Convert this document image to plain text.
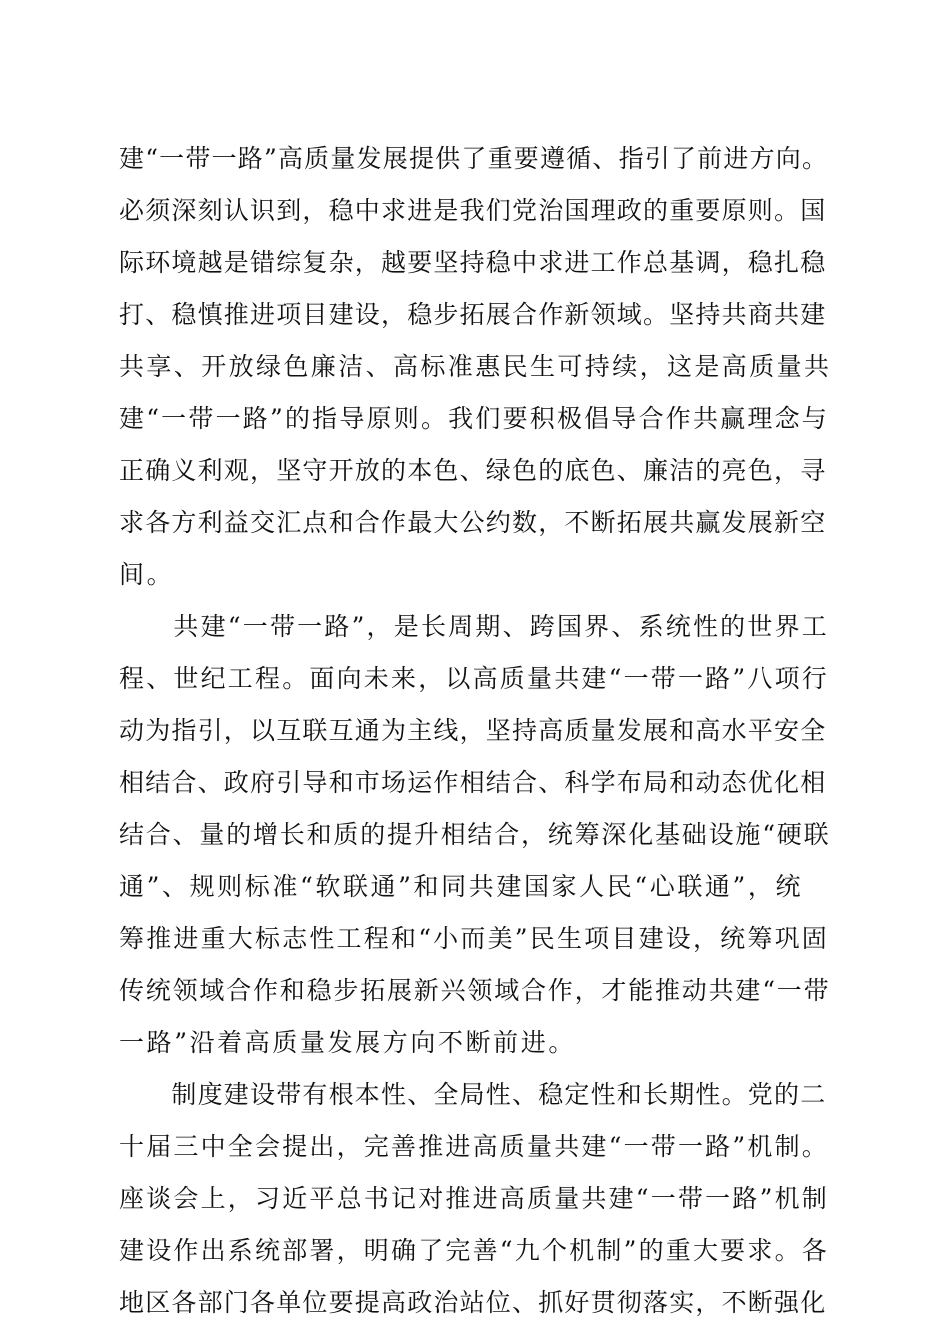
建“一带一路”高质量发展提供了重要遵循、指引了前进方向。
必须深刻认识到，稳中求进是我们党治国理政的重要原则。国
际环境越是错综复杂，越要坚持稳中求进工作总基调，稳扎稳
打、稳慎推进项目建设，稳步拓展合作新领域。坚持共商共建
共享、开放绿色廉洁、高标准惠民生可持续，这是高质量共
建“一带一路”的指导原则。我们要积极倡导合作共赢理念与
正确义利观，坚守开放的本色、绿色的底色、廉洁的亮色，寻
求各方利益交汇点和合作最大公约数，不断拓展共赢发展新空
间。
　　共建“一带一路”，是长周期、跨国界、系统性的世界工
程、世纪工程。面向未来，以高质量共建“一带一路”八项行
动为指引，以互联互通为主线，坚持高质量发展和高水平安全
相结合、政府引导和市场运作相结合、科学布局和动态优化相
结合、量的增长和质的提升相结合，统筹深化基础设施“硬联
通”、规则标准“软联通”和同共建国家人民“心联通”，统
筹推进重大标志性工程和“小而美”民生项目建设，统筹巩固
传统领域合作和稳步拓展新兴领域合作，才能推动共建“一带
一路”沿着高质量发展方向不断前进。
　　制度建设带有根本性、全局性、稳定性和长期性。党的二
十届三中全会提出，完善推进高质量共建“一带一路”机制。
座谈会上，习近平总书记对推进高质量共建“一带一路”机制
建设作出系统部署，明确了完善“九个机制”的重大要求。各
地区各部门各单位要提高政治站位、抓好贯彻落实，不断强化
